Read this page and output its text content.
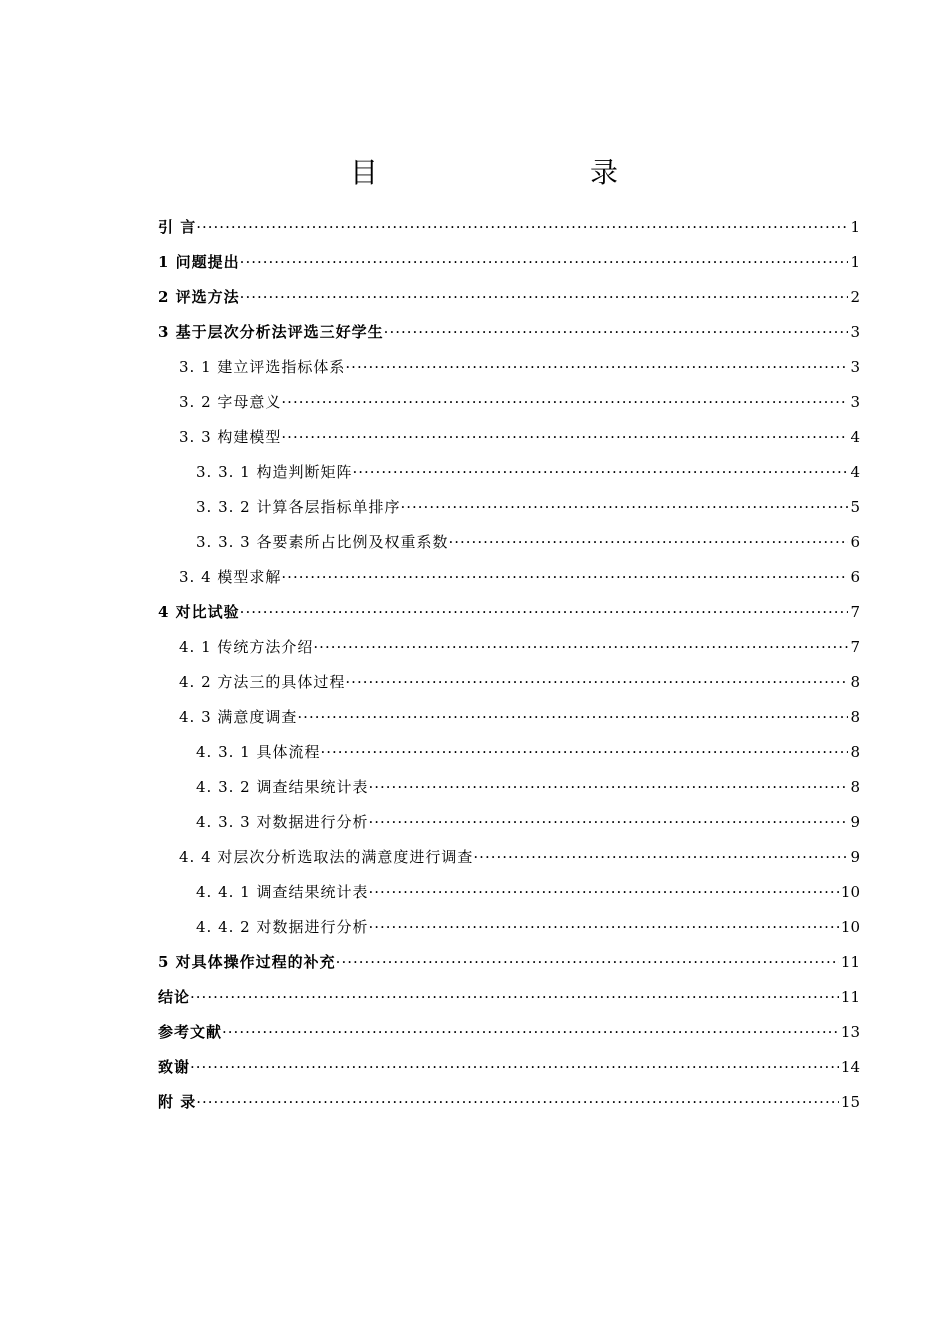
目　　录
引 言 ·····	1
1 问题提出 ·····	1
2 评选方法 ·····	2
3 基于层次分析法评选三好学生 ·····	3
3. 1 建立评选指标体系 ·····	3
3. 2 字母意义 ·····	3
3. 3 构建模型 ·····	4
3. 3. 1 构造判断矩阵 ·····	4
3. 3. 2 计算各层指标单排序 ·····	5
3. 3. 3 各要素所占比例及权重系数 ·····	6
3. 4 模型求解 ·····	6
4 对比试验 ·····	7
4. 1 传统方法介绍 ·····	7
4. 2 方法三的具体过程 ·····	8
4. 3 满意度调查 ·····	8
4. 3. 1 具体流程 ·····	8
4. 3. 2 调查结果统计表 ·····	8
4. 3. 3 对数据进行分析 ·····	9
4. 4 对层次分析选取法的满意度进行调查 ·····	9
4. 4. 1 调查结果统计表 ·····	10
4. 4. 2 对数据进行分析 ·····	10
5 对具体操作过程的补充 ·····	11
结论 ·····	11
参考文献 ·····	13
致谢 ·····	14
附 录 ·····	15
